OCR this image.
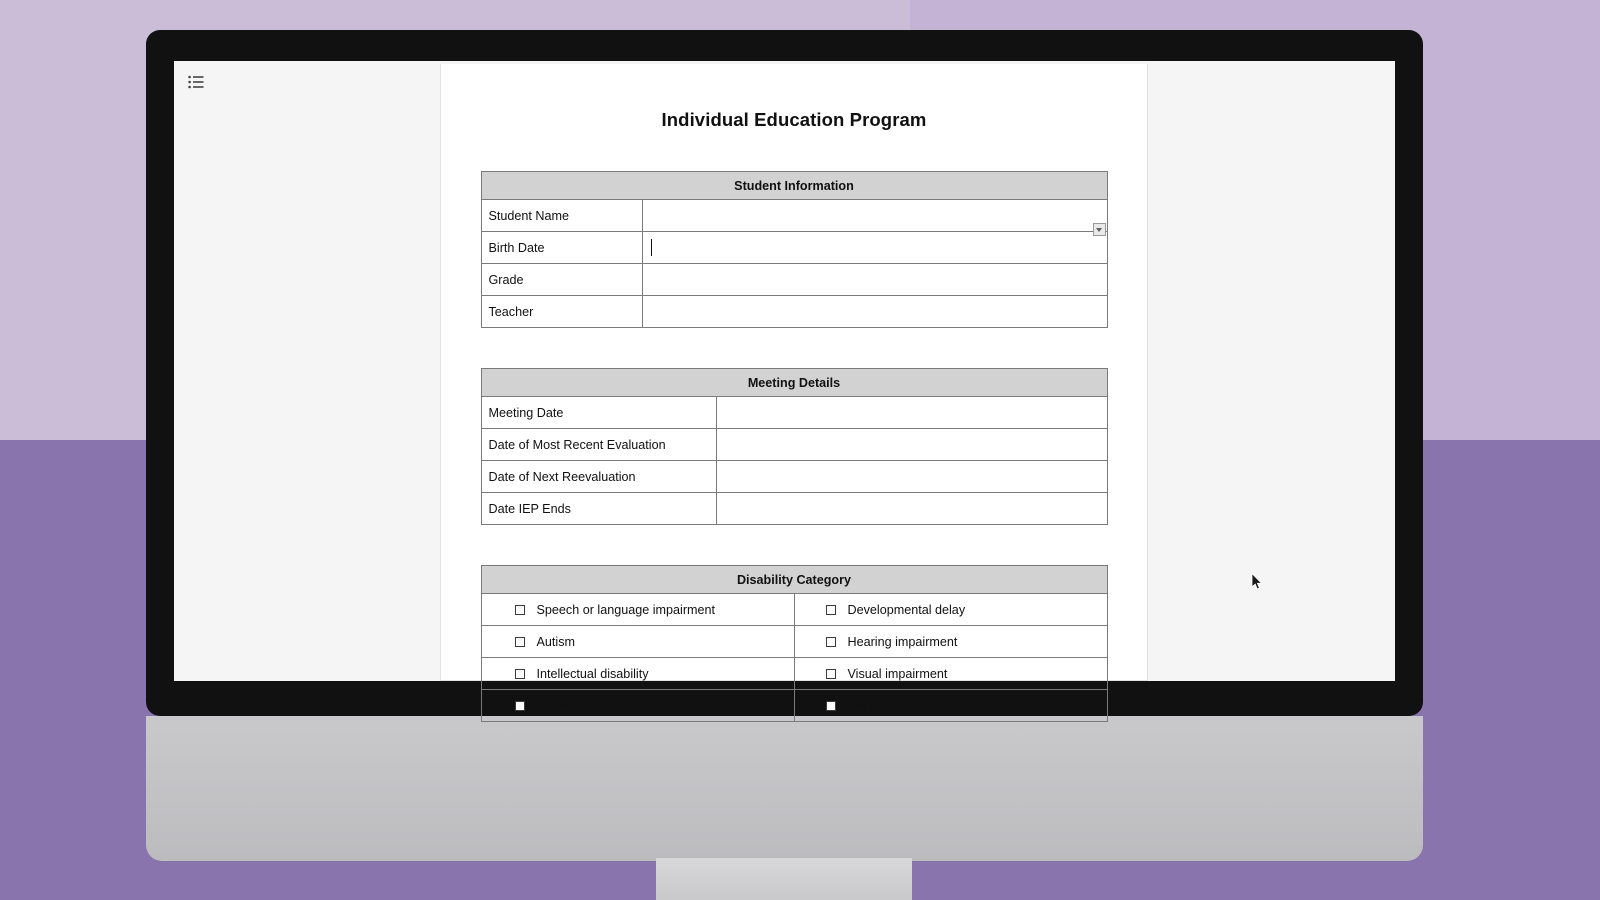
Individual Education Program
Student Information	
Student Name	
Birth Date	

Grade	
Teacher	
Meeting Details	
Meeting Date	
Date of Most Recent Evaluation	
Date of Next Reevaluation	
Date IEP Ends	
Disability Category	

Speech or language impairment	Developmental delay

Autism	Hearing impairment

Intellectual disability	Visual impairment

Emotional disturbance	Orthopedic impairment
